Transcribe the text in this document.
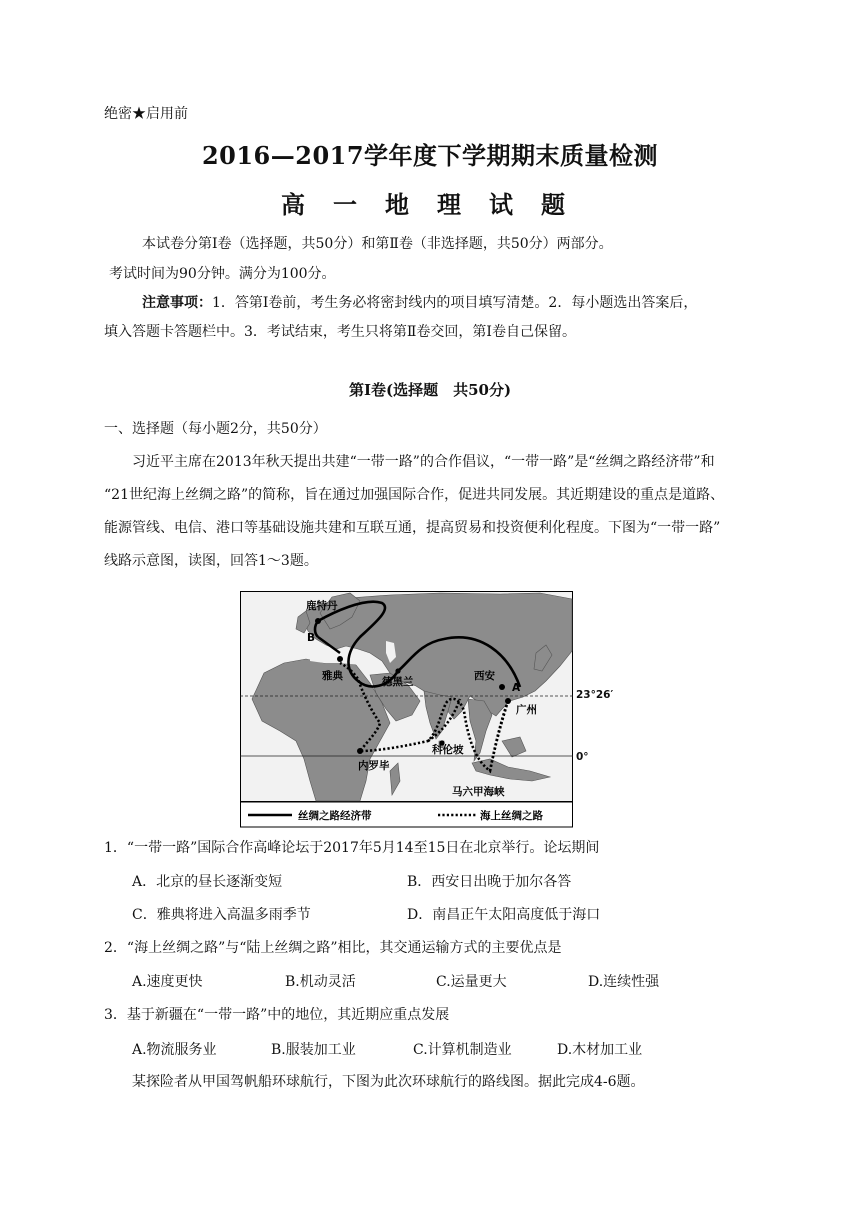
绝密★启用前
2016—2017学年度下学期期末质量检测
高一地理试题
本试卷分第Ⅰ卷（选择题，共50分）和第Ⅱ卷（非选择题，共50分）两部分。
考试时间为90分钟。满分为100分。
注意事项：1．答第Ⅰ卷前，考生务必将密封线内的项目填写清楚。2．每小题选出答案后，
填入答题卡答题栏中。3．考试结束，考生只将第Ⅱ卷交回，第Ⅰ卷自己保留。
第Ⅰ卷(选择题　共50分)
一、选择题（每小题2分，共50分）
习近平主席在2013年秋天提出共建“一带一路”的合作倡议，“一带一路”是“丝绸之路经济带”和
“21世纪海上丝绸之路”的简称，旨在通过加强国际合作，促进共同发展。其近期建设的重点是道路、
能源管线、电信、港口等基础设施共建和互联互通，提高贸易和投资便利化程度。下图为“一带一路”
线路示意图，读图，回答1～3题。
鹿特丹
B
雅典	德黑兰	西安
A
广州
科伦坡
内罗毕
马六甲海峡
丝绸之路经济带	海上丝绸之路
23°26′
0°
1．“一带一路”国际合作高峰论坛于2017年5月14至15日在北京举行。论坛期间
A．北京的昼长逐渐变短	B．西安日出晚于加尔各答
C．雅典将进入高温多雨季节	D．南昌正午太阳高度低于海口
2．“海上丝绸之路”与“陆上丝绸之路”相比，其交通运输方式的主要优点是
A.速度更快	B.机动灵活	C.运量更大	D.连续性强
3．基于新疆在“一带一路”中的地位，其近期应重点发展
A.物流服务业	B.服装加工业	C.计算机制造业	D.木材加工业
某探险者从甲国驾帆船环球航行，下图为此次环球航行的路线图。据此完成4-6题。
